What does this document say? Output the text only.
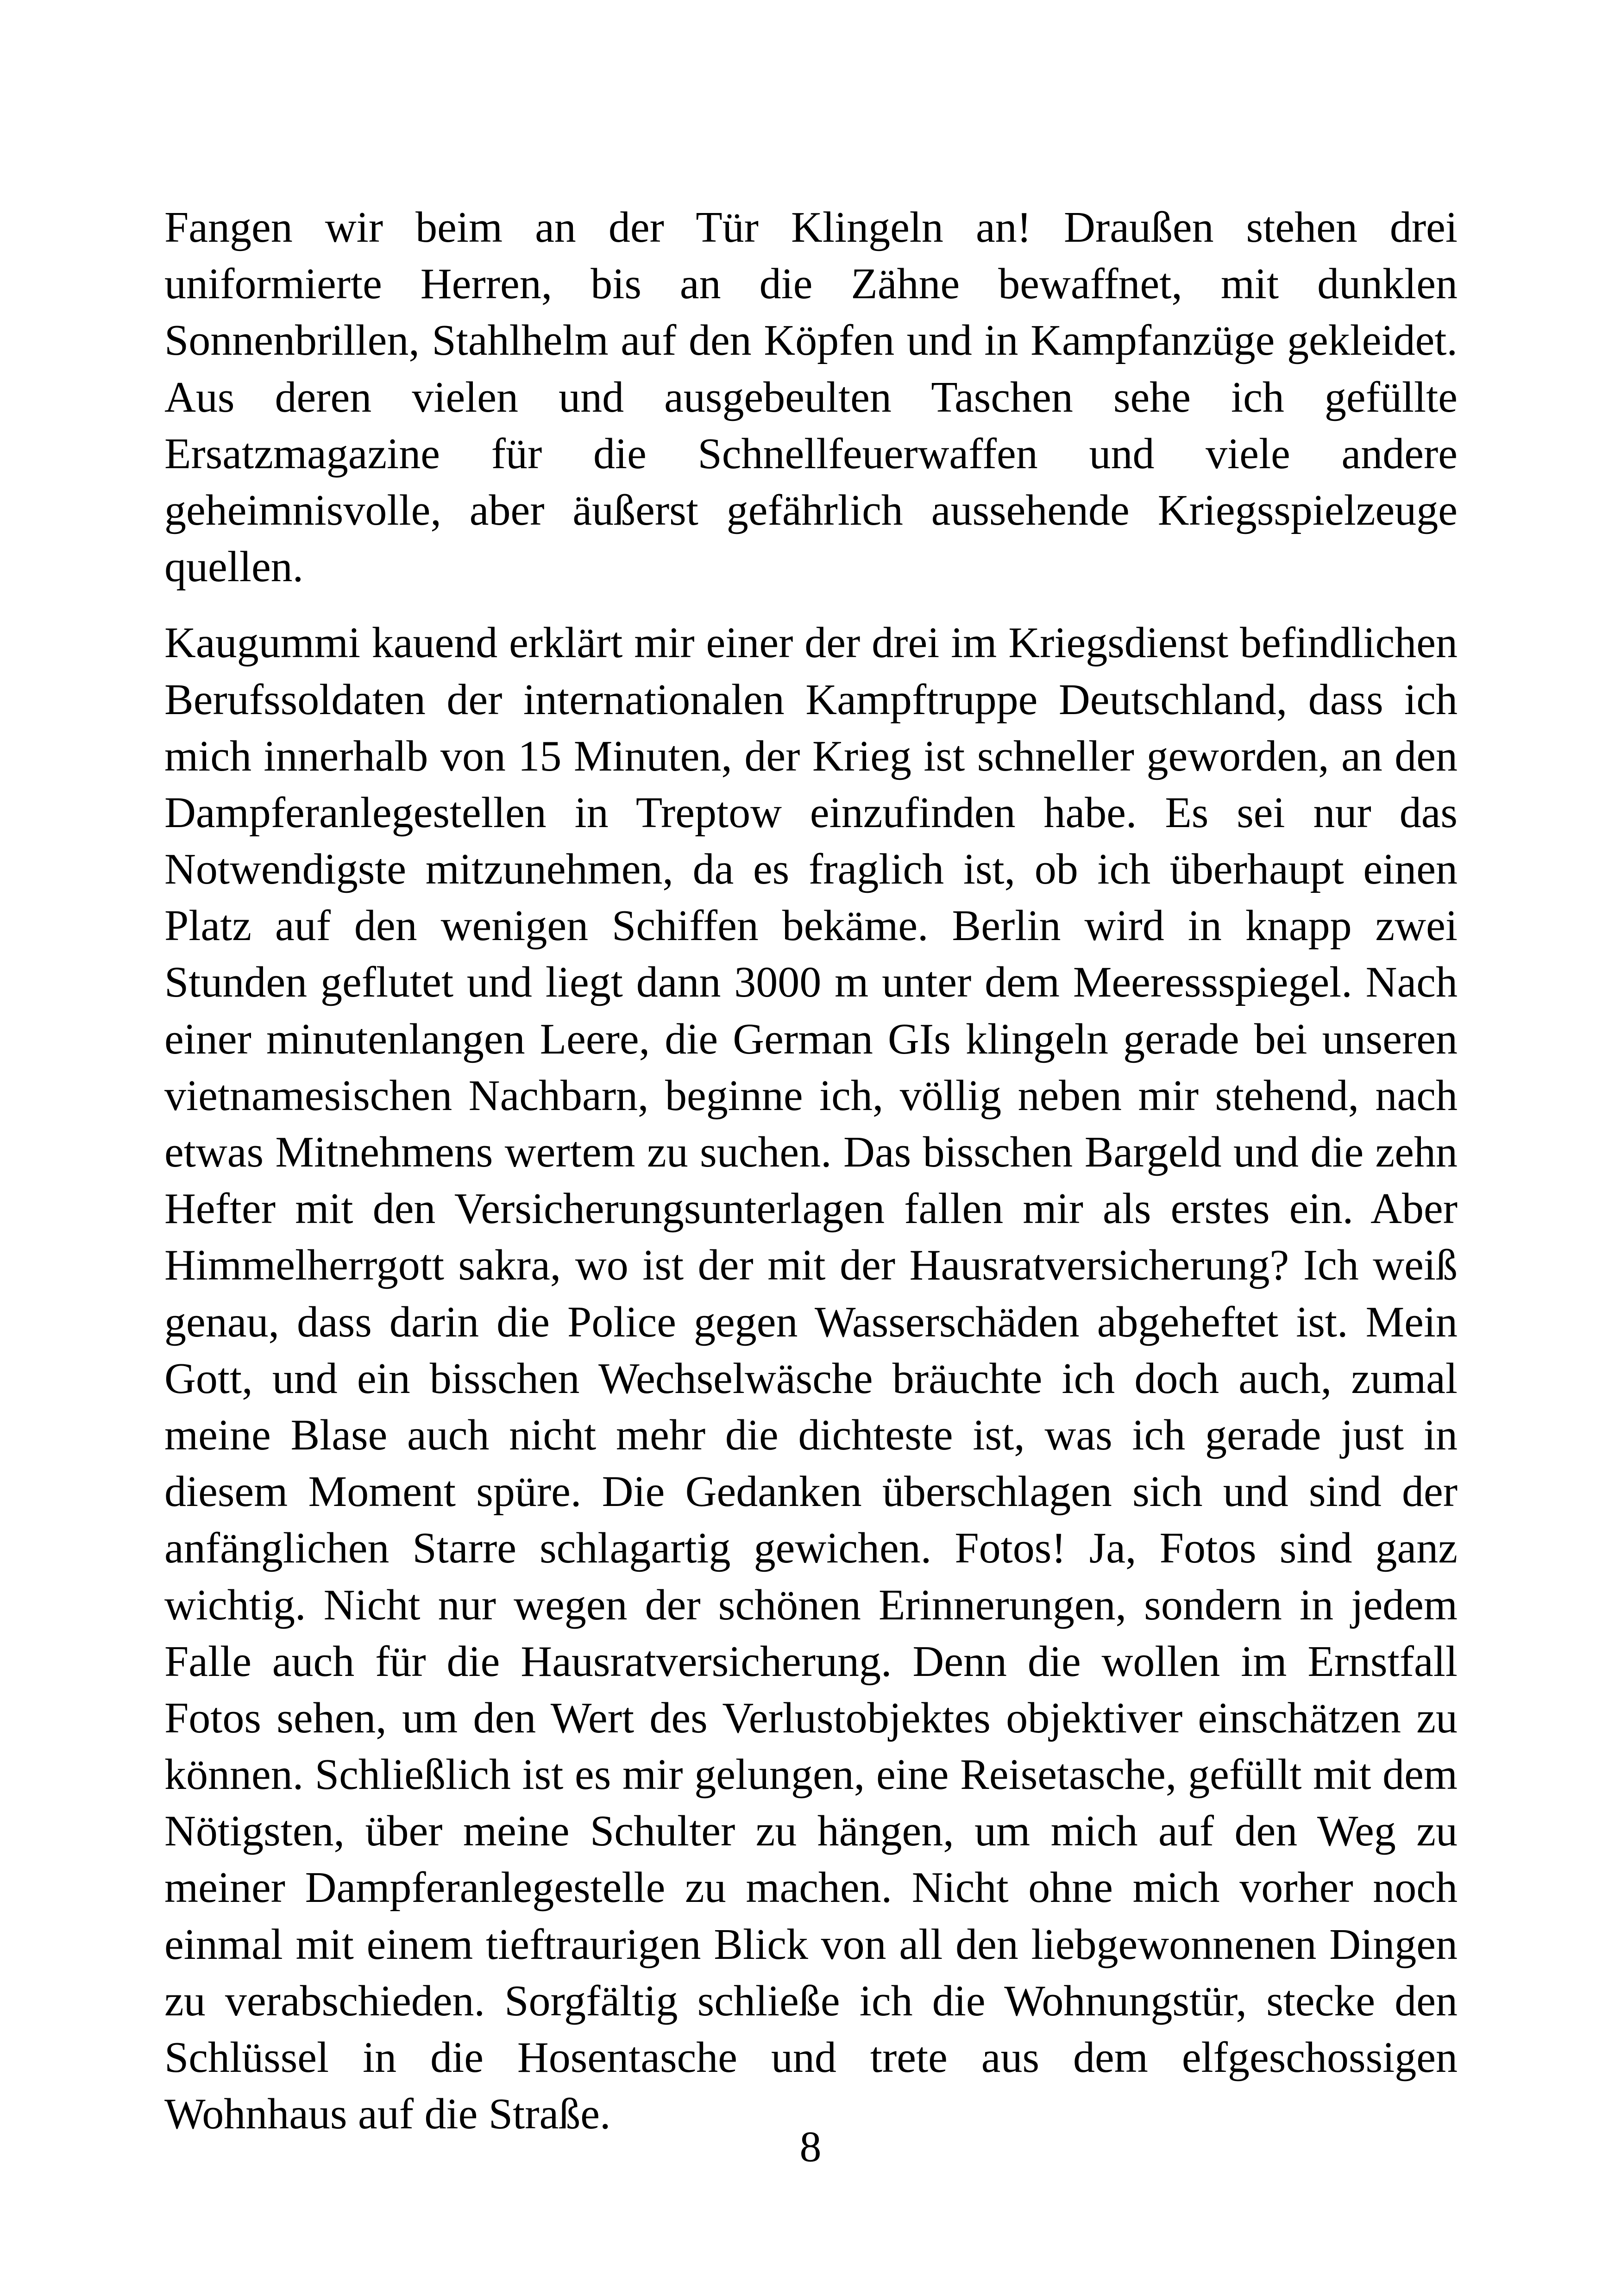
Fangen wir beim an der Tür Klingeln an! Draußen stehen drei uniformierte Herren, bis an die Zähne bewaffnet, mit dunklen Sonnenbrillen, Stahlhelm auf den Köpfen und in Kampfanzüge gekleidet. Aus deren vielen und ausgebeulten Taschen sehe ich gefüllte Ersatzmagazine für die Schnellfeuerwaffen und viele andere geheimnisvolle, aber äußerst gefährlich aussehende Kriegsspielzeuge quellen.

Kaugummi kauend erklärt mir einer der drei im Kriegsdienst befindlichen Berufssoldaten der internationalen Kampftruppe Deutschland, dass ich mich innerhalb von 15 Minuten, der Krieg ist schneller geworden, an den Dampferanlegestellen in Treptow einzufinden habe. Es sei nur das Notwendigste mitzunehmen, da es fraglich ist, ob ich überhaupt einen Platz auf den wenigen Schiffen bekäme. Berlin wird in knapp zwei Stunden geflutet und liegt dann 3000 m unter dem Meeressspiegel. Nach einer minutenlangen Leere, die German GIs klingeln gerade bei unseren vietnamesischen Nachbarn, beginne ich, völlig neben mir stehend, nach etwas Mitnehmens wertem zu suchen. Das bisschen Bargeld und die zehn Hefter mit den Versicherungsunterlagen fallen mir als erstes ein. Aber Himmelherrgott sakra, wo ist der mit der Hausratversicherung? Ich weiß genau, dass darin die Police gegen Wasserschäden abgeheftet ist. Mein Gott, und ein bisschen Wechselwäsche bräuchte ich doch auch, zumal meine Blase auch nicht mehr die dichteste ist, was ich gerade just in diesem Moment spüre. Die Gedanken überschlagen sich und sind der anfänglichen Starre schlagartig gewichen. Fotos! Ja, Fotos sind ganz wichtig. Nicht nur wegen der schönen Erinnerungen, sondern in jedem Falle auch für die Hausratversicherung. Denn die wollen im Ernstfall Fotos sehen, um den Wert des Verlustobjektes objektiver einschätzen zu können. Schließlich ist es mir gelungen, eine Reisetasche, gefüllt mit dem Nötigsten, über meine Schulter zu hängen, um mich auf den Weg zu meiner Dampferanlegestelle zu machen. Nicht ohne mich vorher noch einmal mit einem tieftraurigen Blick von all den liebgewonnenen Dingen zu verabschieden. Sorgfältig schließe ich die Wohnungstür, stecke den Schlüssel in die Hosentasche und trete aus dem elfgeschossigen Wohnhaus auf die Straße.

8
